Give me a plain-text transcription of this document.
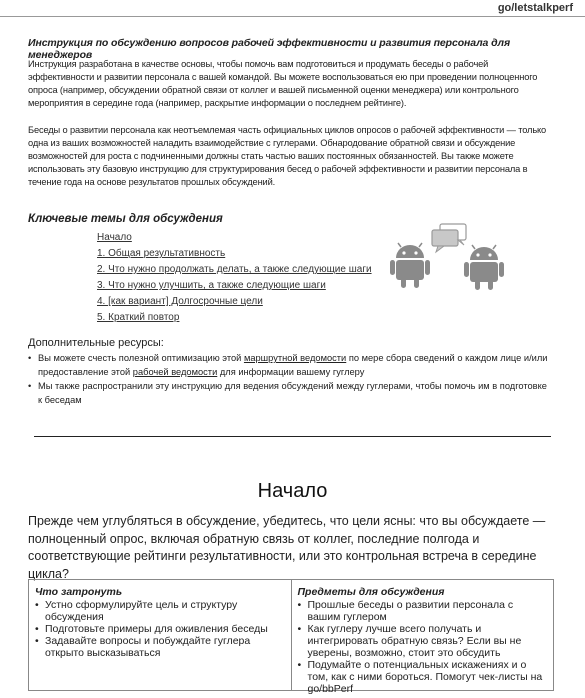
go/letstalkperf
Инструкция по обсуждению вопросов рабочей эффективности и развития персонала для менеджеров
Инструкция разработана в качестве основы, чтобы помочь вам подготовиться и продумать беседы о рабочей эффективности и развитии персонала с вашей командой. Вы можете воспользоваться ею при проведении полноценного опроса (например, обсуждении обратной связи от коллег и вашей письменной оценки менеджера) или контрольного мероприятия в середине года (например, раскрытие информации о последнем рейтинге).
Беседы о развитии персонала как неотъемлемая часть официальных циклов опросов о рабочей эффективности — только одна из ваших возможностей наладить взаимодействие с гуглерами. Обнародование обратной связи и обсуждение возможностей для роста с подчиненными должны стать частью ваших постоянных обязанностей. Вы также можете использовать эту базовую инструкцию для структурирования бесед о рабочей эффективности и развитии персонала в течение года на основе результатов прошлых обсуждений.
Ключевые темы для обсуждения
Начало
1. Общая результативность
2. Что нужно продолжать делать, а также следующие шаги
3. Что нужно улучшить, а также следующие шаги
4. [как вариант] Долгосрочные цели
5. Краткий повтор
Дополнительные ресурсы:
• Вы можете счесть полезной оптимизацию этой маршрутной ведомости по мере сбора сведений о каждом лице и/или предоставление этой рабочей ведомости для информации вашему гуглеру
• Мы также распространили эту инструкцию для ведения обсуждений между гуглерами, чтобы помочь им в подготовке к беседам
Начало
Прежде чем углубляться в обсуждение, убедитесь, что цели ясны: что вы обсуждаете — полноценный опрос, включая обратную связь от коллег, последние полгода и соответствующие рейтинги результативности, или это контрольная встреча в середине цикла?
Что затронуть
• Устно сформулируйте цель и структуру обсуждения
• Подготовьте примеры для оживления беседы
• Задавайте вопросы и побуждайте гуглера открыто высказываться
Предметы для обсуждения
• Прошлые беседы о развитии персонала с вашим гуглером
• Как гуглеру лучше всего получать и интегрировать обратную связь? Если вы не уверены, возможно, стоит это обсудить
• Подумайте о потенциальных искажениях и о том, как с ними бороться. Помогут чек-листы на go/bbPerf
